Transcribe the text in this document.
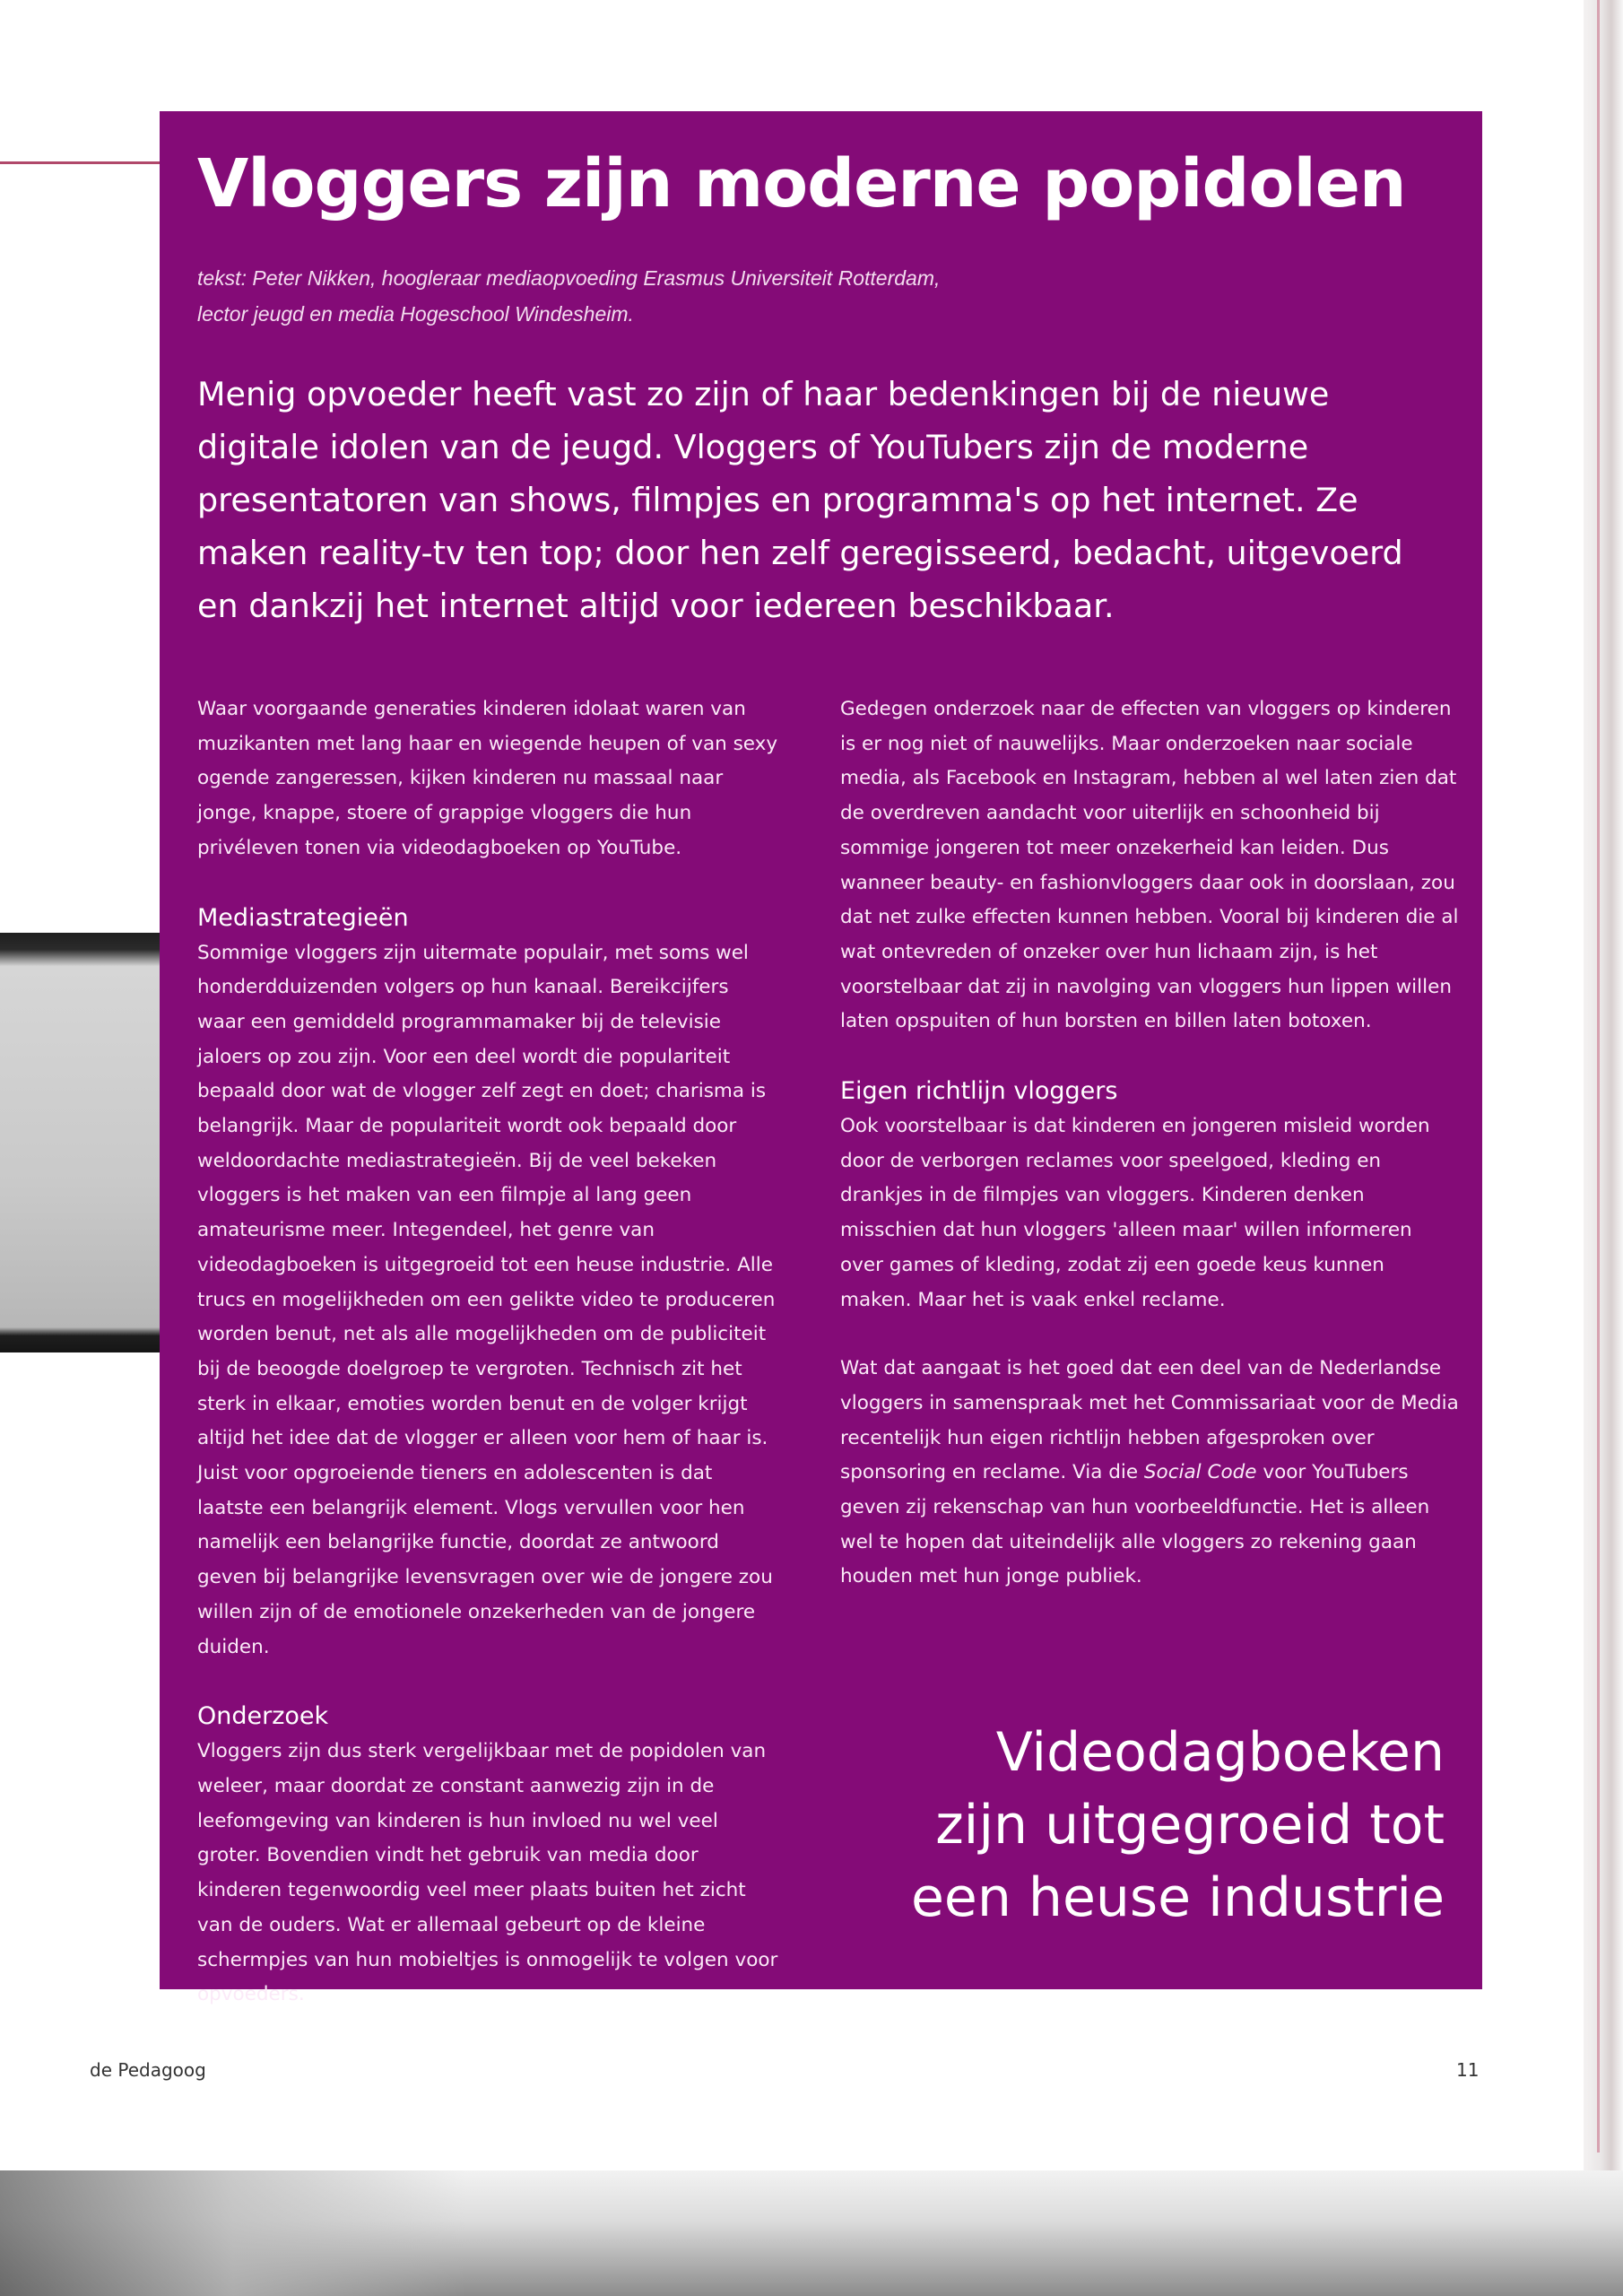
Vloggers zijn moderne popidolen
tekst: Peter Nikken, hoogleraar mediaopvoeding Erasmus Universiteit Rotterdam,
lector jeugd en media Hogeschool Windesheim.

Menig opvoeder heeft vast zo zijn of haar bedenkingen bij de nieuwe digitale idolen van de jeugd. Vloggers of YouTubers zijn de moderne presentatoren van shows, filmpjes en programma's op het internet. Ze maken reality-tv ten top; door hen zelf geregisseerd, bedacht, uitgevoerd en dankzij het internet altijd voor iedereen beschikbaar.

Waar voorgaande generaties kinderen idolaat waren van muzikanten met lang haar en wiegende heupen of van sexy ogende zangeressen, kijken kinderen nu massaal naar jonge, knappe, stoere of grappige vloggers die hun privéleven tonen via videodagboeken op YouTube.

Mediastrategieën

Sommige vloggers zijn uitermate populair, met soms wel honderdduizenden volgers op hun kanaal. Bereikcijfers waar een gemiddeld programmamaker bij de televisie jaloers op zou zijn. Voor een deel wordt die populariteit bepaald door wat de vlogger zelf zegt en doet; charisma is belangrijk. Maar de populariteit wordt ook bepaald door weldoordachte mediastrategieën. Bij de veel bekeken vloggers is het maken van een filmpje al lang geen amateurisme meer. Integendeel, het genre van videodagboeken is uitgegroeid tot een heuse industrie. Alle trucs en mogelijkheden om een gelikte video te produceren worden benut, net als alle mogelijkheden om de publiciteit bij de beoogde doelgroep te vergroten. Technisch zit het sterk in elkaar, emoties worden benut en de volger krijgt altijd het idee dat de vlogger er alleen voor hem of haar is. Juist voor opgroeiende tieners en adolescenten is dat laatste een belangrijk element. Vlogs vervullen voor hen namelijk een belangrijke functie, doordat ze antwoord geven bij belangrijke levensvragen over wie de jongere zou willen zijn of de emotionele onzekerheden van de jongere duiden.

Onderzoek

Vloggers zijn dus sterk vergelijkbaar met de popidolen van weleer, maar doordat ze constant aanwezig zijn in de leefomgeving van kinderen is hun invloed nu wel veel groter. Bovendien vindt het gebruik van media door kinderen tegenwoordig veel meer plaats buiten het zicht van de ouders. Wat er allemaal gebeurt op de kleine schermpjes van hun mobieltjes is onmogelijk te volgen voor opvoeders.

Gedegen onderzoek naar de effecten van vloggers op kinderen is er nog niet of nauwelijks. Maar onderzoeken naar sociale media, als Facebook en Instagram, hebben al wel laten zien dat de overdreven aandacht voor uiterlijk en schoonheid bij sommige jongeren tot meer onzekerheid kan leiden. Dus wanneer beauty- en fashionvloggers daar ook in doorslaan, zou dat net zulke effecten kunnen hebben. Vooral bij kinderen die al wat ontevreden of onzeker over hun lichaam zijn, is het voorstelbaar dat zij in navolging van vloggers hun lippen willen laten opspuiten of hun borsten en billen laten botoxen.

Eigen richtlijn vloggers

Ook voorstelbaar is dat kinderen en jongeren misleid worden door de verborgen reclames voor speelgoed, kleding en drankjes in de filmpjes van vloggers. Kinderen denken misschien dat hun vloggers 'alleen maar' willen informeren over games of kleding, zodat zij een goede keus kunnen maken. Maar het is vaak enkel reclame.

Wat dat aangaat is het goed dat een deel van de Nederlandse vloggers in samenspraak met het Commissariaat voor de Media recentelijk hun eigen richtlijn hebben afgesproken over sponsoring en reclame. Via die Social Code voor YouTubers geven zij rekenschap van hun voorbeeldfunctie. Het is alleen wel te hopen dat uiteindelijk alle vloggers zo rekening gaan houden met hun jonge publiek.

Videodagboeken
zijn uitgegroeid tot
een heuse industrie
de Pedagoog	11
